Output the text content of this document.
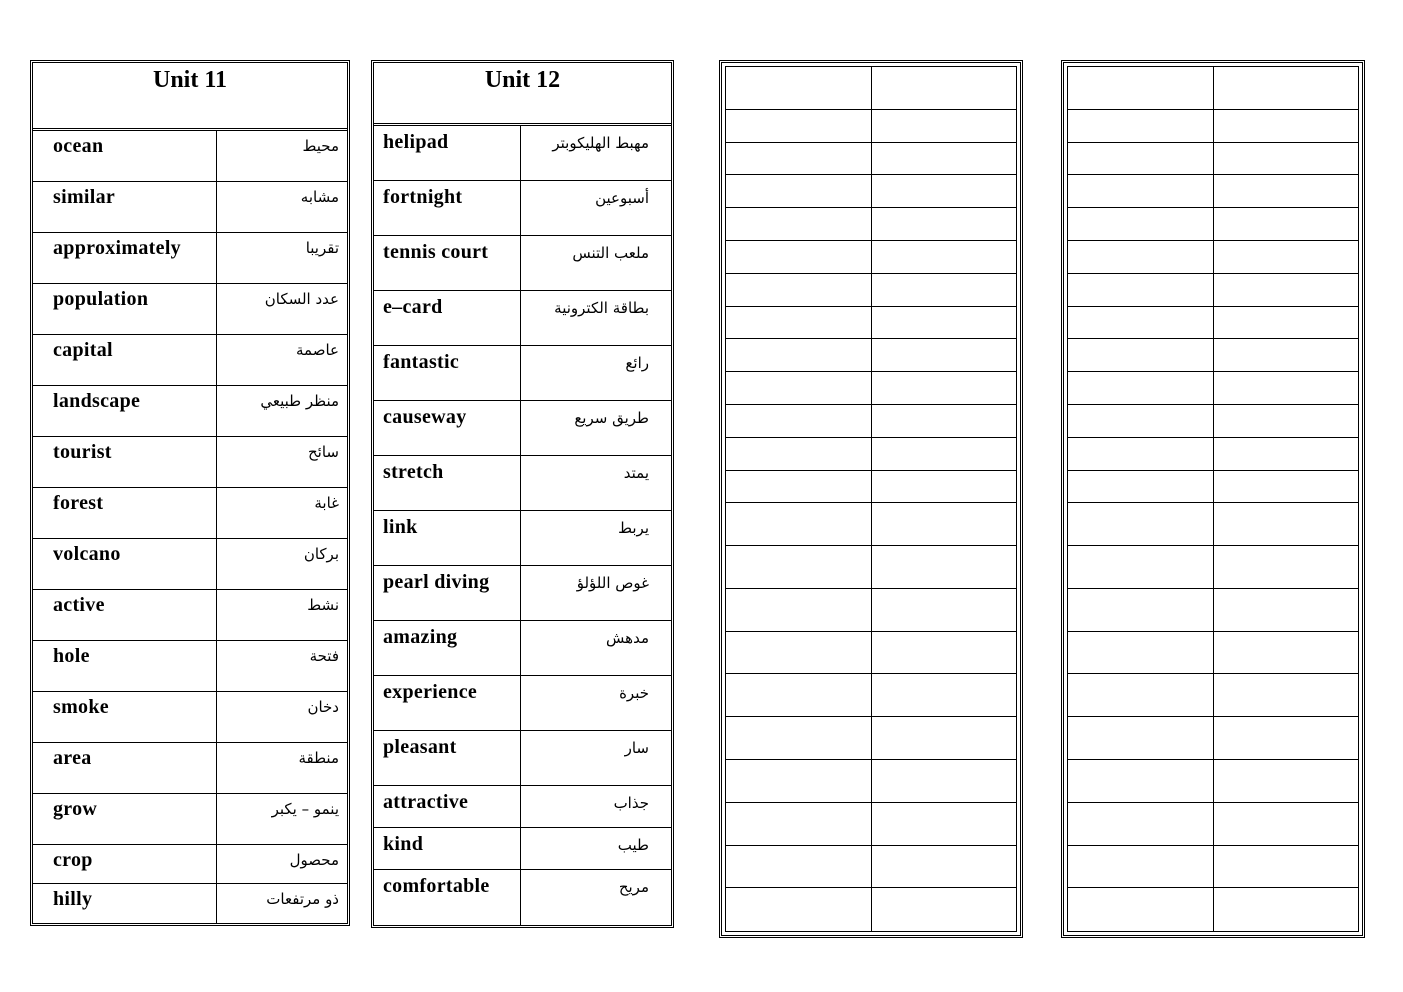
Unit 11
ocean	محيط
similar	مشابه
approximately	تقريبا
population	عدد السكان
capital	عاصمة
landscape	منظر طبيعي
tourist	سائح
forest	غابة
volcano	بركان
active	نشط
hole	فتحة
smoke	دخان
area	منطقة
grow	ينمو – يكبر
crop	محصول
hilly	ذو مرتفعات
Unit 12
helipad	مهبط الهليكوبتر
fortnight	أسبوعين
tennis court	ملعب التنس
e–card	بطاقة الكترونية
fantastic	رائع
causeway	طريق سريع
stretch	يمتد
link	يربط
pearl diving	غوص اللؤلؤ
amazing	مدهش
experience	خبرة
pleasant	سار
attractive	جذاب
kind	طيب
comfortable	مريح
